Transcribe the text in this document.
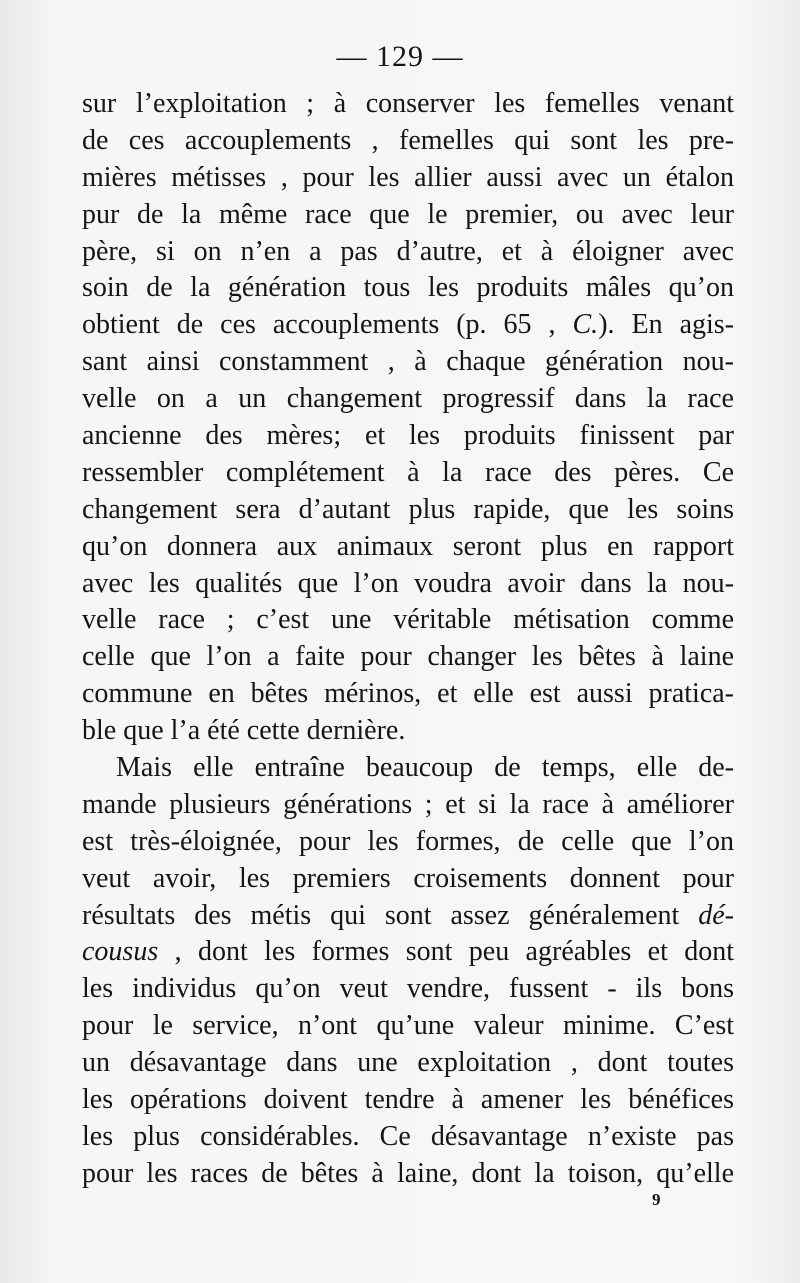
— 129 —
sur l’exploitation ; à conserver les femelles venant
de ces accouplements , femelles qui sont les pre-
mières métisses , pour les allier aussi avec un étalon
pur de la même race que le premier, ou avec leur
père, si on n’en a pas d’autre, et à éloigner avec
soin de la génération tous les produits mâles qu’on
obtient de ces accouplements (p. 65 , C.). En agis-
sant ainsi constamment , à chaque génération nou-
velle on a un changement progressif dans la race
ancienne des mères; et les produits finissent par
ressembler complétement à la race des pères. Ce
changement sera d’autant plus rapide, que les soins
qu’on donnera aux animaux seront plus en rapport
avec les qualités que l’on voudra avoir dans la nou-
velle race ; c’est une véritable métisation comme
celle que l’on a faite pour changer les bêtes à laine
commune en bêtes mérinos, et elle est aussi pratica-
ble que l’a été cette dernière.
Mais elle entraîne beaucoup de temps, elle de-
mande plusieurs générations ; et si la race à améliorer
est très-éloignée, pour les formes, de celle que l’on
veut avoir, les premiers croisements donnent pour
résultats des métis qui sont assez généralement dé-
cousus , dont les formes sont peu agréables et dont
les individus qu’on veut vendre, fussent - ils bons
pour le service, n’ont qu’une valeur minime. C’est
un désavantage dans une exploitation , dont toutes
les opérations doivent tendre à amener les bénéfices
les plus considérables. Ce désavantage n’existe pas
pour les races de bêtes à laine, dont la toison, qu’elle
9
